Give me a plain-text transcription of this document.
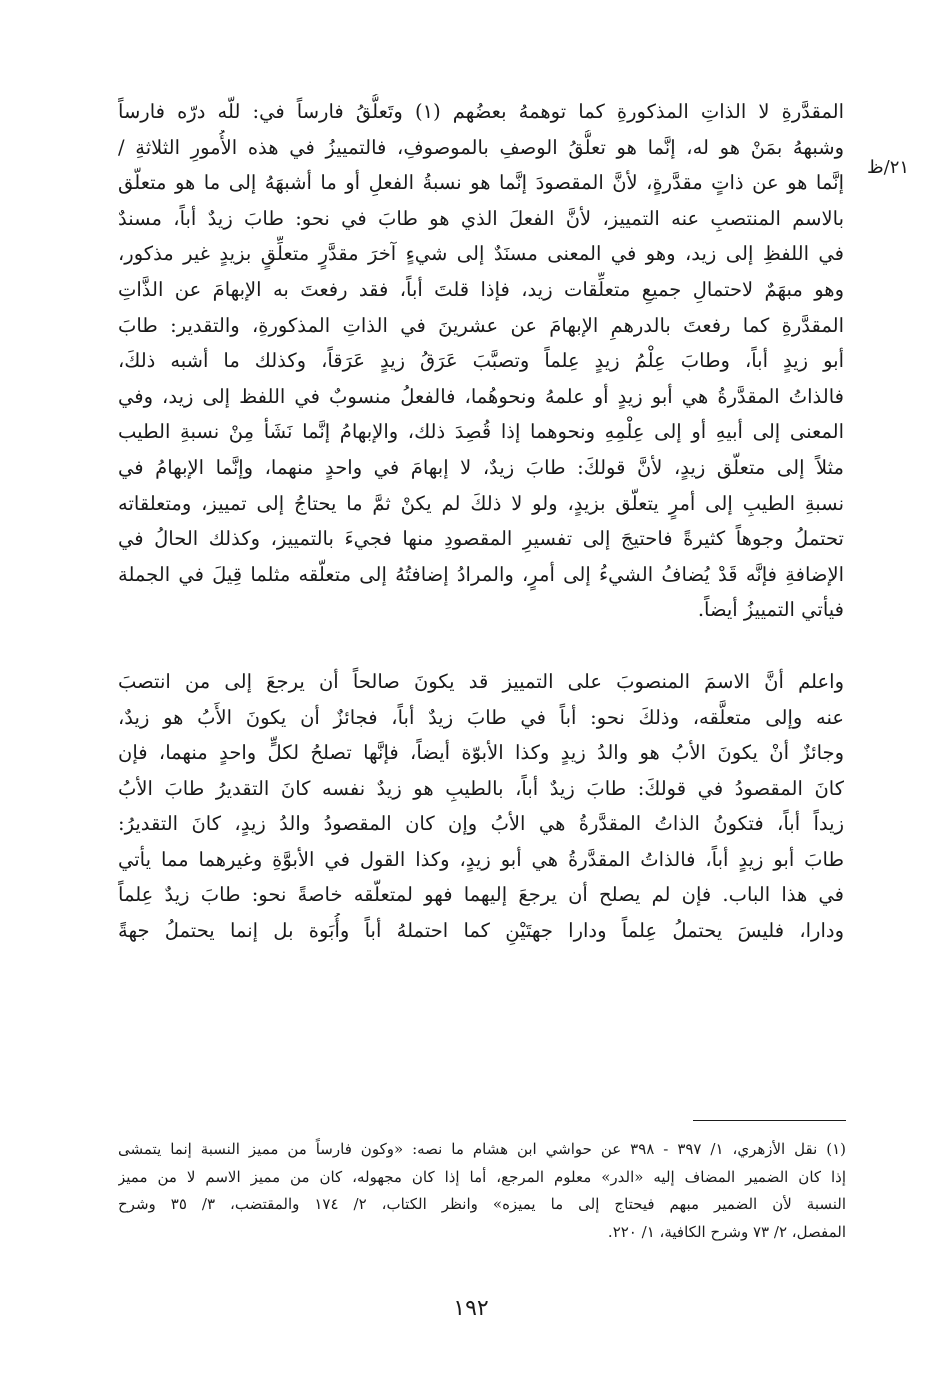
٢١/ظ
المقدَّرةِ لا الذاتِ المذكورةِ كما توهمهُ بعضُهم (١) وتَعلُّقُ فارساً في: للّه درّه فارساً
وشبههُ بمَنْ هو له، إنَّما هو تعلُّقُ الوصفِ بالموصوفِ، فالتمييزُ في هذه الأُمورِ الثلاثةِ /
إنَّما هو عن ذاتٍ مقدَّرةٍ، لأنَّ المقصودَ إنَّما هو نسبةُ الفعلِ أو ما أشبهَهُ إلى ما هو متعلّق
بالاسم المنتصبِ عنه التمييز، لأنَّ الفعلَ الذي هو طابَ في نحو: طابَ زيدٌ أباً، مسندٌ
في اللفظِ إلى زيد، وهو في المعنى مسنَدٌ إلى شيءٍ آخرَ مقدَّرٍ متعلِّقٍ بزيدٍ غير مذكور،
وهو مبهَمٌ لاحتمالِ جميعِ متعلِّقات زيد، فإذا قلتَ أباً، فقد رفعتَ به الإبهامَ عن الذَّاتِ
المقدَّرةِ كما رفعتَ بالدرهمِ الإبهامَ عن عشرينَ في الذاتِ المذكورةِ، والتقدير: طابَ
أبو زيدٍ أباً، وطابَ عِلْمُ زيدٍ عِلماً وتصبَّبَ عَرَقُ زيدٍ عَرَقاً، وكذلك ما أشبه ذلكَ،
فالذاتُ المقدَّرةُ هي أبو زيدٍ أو علمهُ ونحوهُما، فالفعلُ منسوبٌ في اللفظ إلى زيد، وفي
المعنى إلى أبيهِ أو إلى عِلْمِهِ ونحوهما إذا قُصِدَ ذلك، والإبهامُ إنَّما نَشَأ مِنْ نسبةِ الطيب
مثلاً إلى متعلّق زيدٍ، لأنَّ قولكَ: طابَ زيدٌ، لا إبهامَ في واحدٍ منهما، وإنَّما الإبهامُ في
نسبةِ الطيبِ إلى أمرٍ يتعلّق بزيدٍ، ولو لا ذلكَ لم يكنْ ثمَّ ما يحتاجُ إلى تمييز، ومتعلقاته
تحتملُ وجوهاً كثيرةً فاحتيجَ إلى تفسيرِ المقصودِ منها فجيءَ بالتمييز، وكذلك الحالُ في
الإضافةِ فإنَّه قَدْ يُضافُ الشيءُ إلى أمرٍ، والمرادُ إضافتُهُ إلى متعلّقه مثلما قِيلَ في الجملة
فيأتي التمييزُ أيضاً.
واعلم أنَّ الاسمَ المنصوبَ على التمييز قد يكونَ صالحاً أن يرجعَ إلى من انتصبَ
عنه وإلى متعلَّقه، وذلكَ نحو: أباً في طابَ زيدٌ أباً، فجائزٌ أن يكونَ الأَبُ هو زيدٌ،
وجائزٌ أنْ يكونَ الأبُ هو والدُ زيدٍ وكذا الأبوّة أيضاً، فإنَّها تصلحُ لكلٍّ واحدٍ منهما، فإن
كانَ المقصودُ في قولكَ: طابَ زيدٌ أباً، بالطيبِ هو زيدٌ نفسه كانَ التقديرُ طابَ الأبُ
زيداً أباً، فتكونُ الذاتُ المقدَّرةُ هي الأبُ وإن كان المقصودُ والدُ زيدٍ، كانَ التقديرُ:
طابَ أبو زيدٍ أباً، فالذاتُ المقدَّرةُ هي أبو زيدٍ، وكذا القول في الأبوَّةِ وغيرهما مما يأتي
في هذا الباب. فإن لم يصلح أن يرجعَ إليهما فهو لمتعلّقه خاصةً نحو: طابَ زيدٌ عِلماً
ودارا، فليسَ يحتملُ عِلماً ودارا جهتَيْنِ كما احتملهُ أباً وأُبَوة بل إنما يحتملُ جهةً
(١) نقل الأزهري، ١/ ٣٩٧ - ٣٩٨ عن حواشي ابن هشام ما نصه: «وكون فارساً من مميز النسبة إنما يتمشى
إذا كان الضمير المضاف إليه «الدر» معلوم المرجع، أما إذا كان مجهوله، كان من مميز الاسم لا من مميز
النسبة لأن الضمير مبهم فيحتاج إلى ما يميزه» وانظر الكتاب، ٢/ ١٧٤ والمقتضب، ٣/ ٣٥ وشرح
المفصل، ٢/ ٧٣ وشرح الكافية، ١/ ٢٢٠.
١٩٢
